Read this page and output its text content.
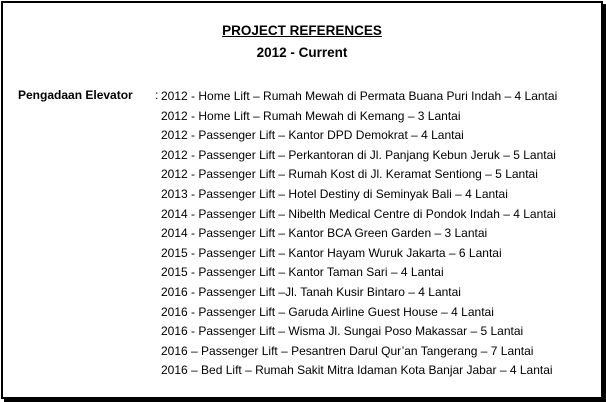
PROJECT REFERENCES
2012 - Current
Pengadaan Elevator : 2012 - Home Lift – Rumah Mewah di Permata Buana Puri Indah – 4 Lantai
2012 - Home Lift – Rumah Mewah di Kemang – 3 Lantai
2012 - Passenger Lift – Kantor DPD Demokrat – 4 Lantai
2012 - Passenger Lift – Perkantoran di Jl. Panjang Kebun Jeruk – 5 Lantai
2012 - Passenger Lift – Rumah Kost di Jl. Keramat Sentiong – 5 Lantai
2013 - Passenger Lift – Hotel Destiny di Seminyak Bali – 4 Lantai
2014 - Passenger Lift – Nibelth Medical Centre di Pondok Indah – 4 Lantai
2014 - Passenger Lift – Kantor BCA Green Garden – 3 Lantai
2015 - Passenger Lift – Kantor Hayam Wuruk Jakarta – 6 Lantai
2015 - Passenger Lift – Kantor Taman Sari – 4 Lantai
2016 - Passenger Lift –Jl. Tanah Kusir Bintaro – 4 Lantai
2016 - Passenger Lift – Garuda Airline Guest House – 4 Lantai
2016 - Passenger Lift – Wisma Jl. Sungai Poso Makassar – 5 Lantai
2016 – Passenger Lift – Pesantren Darul Qur’an Tangerang – 7 Lantai
2016 – Bed Lift – Rumah Sakit Mitra Idaman Kota Banjar Jabar – 4 Lantai
